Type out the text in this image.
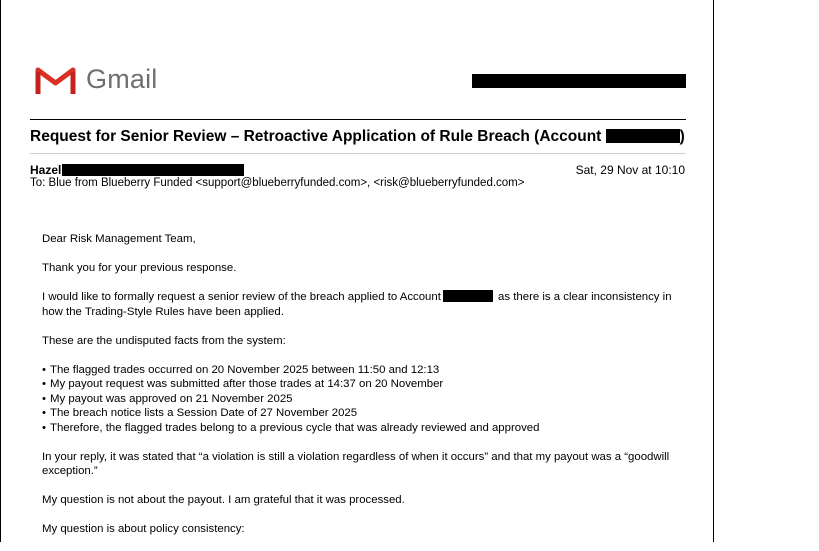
Gmail
Request for Senior Review – Retroactive Application of Rule Breach (Account	)
Hazel	Sat, 29 Nov at 10:10
To: Blue from Blueberry Funded <support@blueberryfunded.com>, <risk@blueberryfunded.com>

Dear Risk Management Team,

Thank you for your previous response.

I would like to formally request a senior review of the breach applied to Account	as there is a clear inconsistency in how the Trading-Style Rules have been applied.

These are the undisputed facts from the system:

• The flagged trades occurred on 20 November 2025 between 11:50 and 12:13
• My payout request was submitted after those trades at 14:37 on 20 November
• My payout was approved on 21 November 2025
• The breach notice lists a Session Date of 27 November 2025
• Therefore, the flagged trades belong to a previous cycle that was already reviewed and approved

In your reply, it was stated that “a violation is still a violation regardless of when it occurs” and that my payout was a “goodwill exception.”

My question is not about the payout. I am grateful that it was processed.

My question is about policy consistency:
